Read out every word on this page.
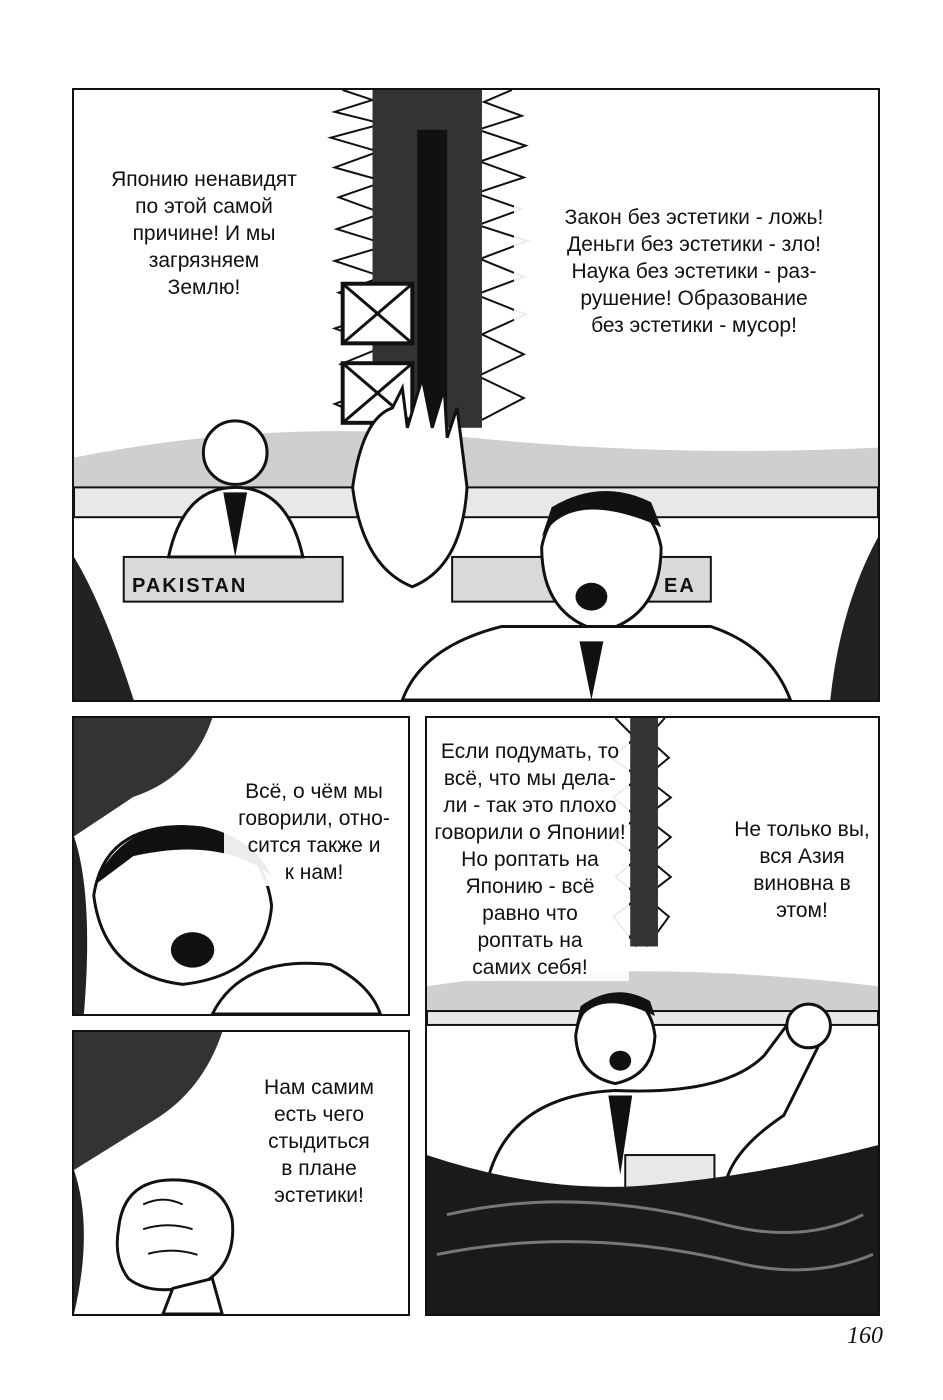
Японию ненавидят
по этой самой
причине! И мы
загрязняем
Землю!
Закон без эстетики - ложь!
Деньги без эстетики - зло!
Наука без эстетики - раз-
рушение! Образование
без эстетики - мусор!
PAKISTAN	EA
Всё, о чём мы
говорили, отно-
сится также и
к нам!
Если подумать, то
всё, что мы дела-
ли - так это плохо
говорили о Японии!
Но роптать на
Японию - всё
равно что
роптать на
самих себя!
Не только вы,
вся Азия
виновна в
этом!
Нам самим
есть чего
стыдиться
в плане
эстетики!
160
